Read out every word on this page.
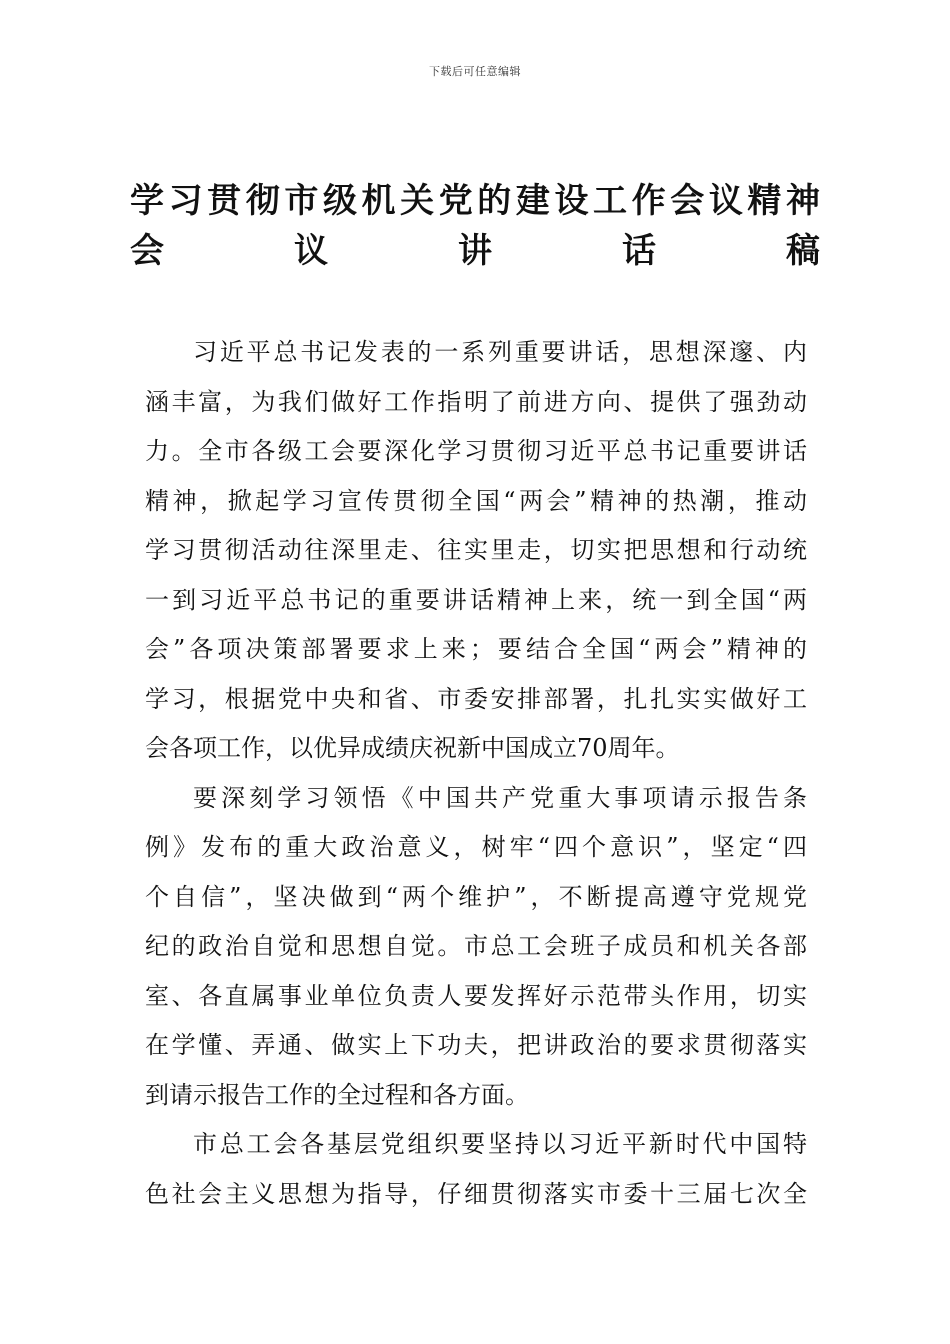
下载后可任意编辑
学习贯彻市级机关党的建设工作会议精神
会议讲话稿
习近平总书记发表的一系列重要讲话，思想深邃、内
涵丰富，为我们做好工作指明了前进方向、提供了强劲动
力。全市各级工会要深化学习贯彻习近平总书记重要讲话
精神，掀起学习宣传贯彻全国“两会”精神的热潮，推动
学习贯彻活动往深里走、往实里走，切实把思想和行动统
一到习近平总书记的重要讲话精神上来，统一到全国“两
会”各项决策部署要求上来；要结合全国“两会”精神的
学习，根据党中央和省、市委安排部署，扎扎实实做好工
会各项工作，以优异成绩庆祝新中国成立70周年。
要深刻学习领悟《中国共产党重大事项请示报告条
例》发布的重大政治意义，树牢“四个意识”，坚定“四
个自信”，坚决做到“两个维护”，不断提高遵守党规党
纪的政治自觉和思想自觉。市总工会班子成员和机关各部
室、各直属事业单位负责人要发挥好示范带头作用，切实
在学懂、弄通、做实上下功夫，把讲政治的要求贯彻落实
到请示报告工作的全过程和各方面。
市总工会各基层党组织要坚持以习近平新时代中国特
色社会主义思想为指导，仔细贯彻落实市委十三届七次全
